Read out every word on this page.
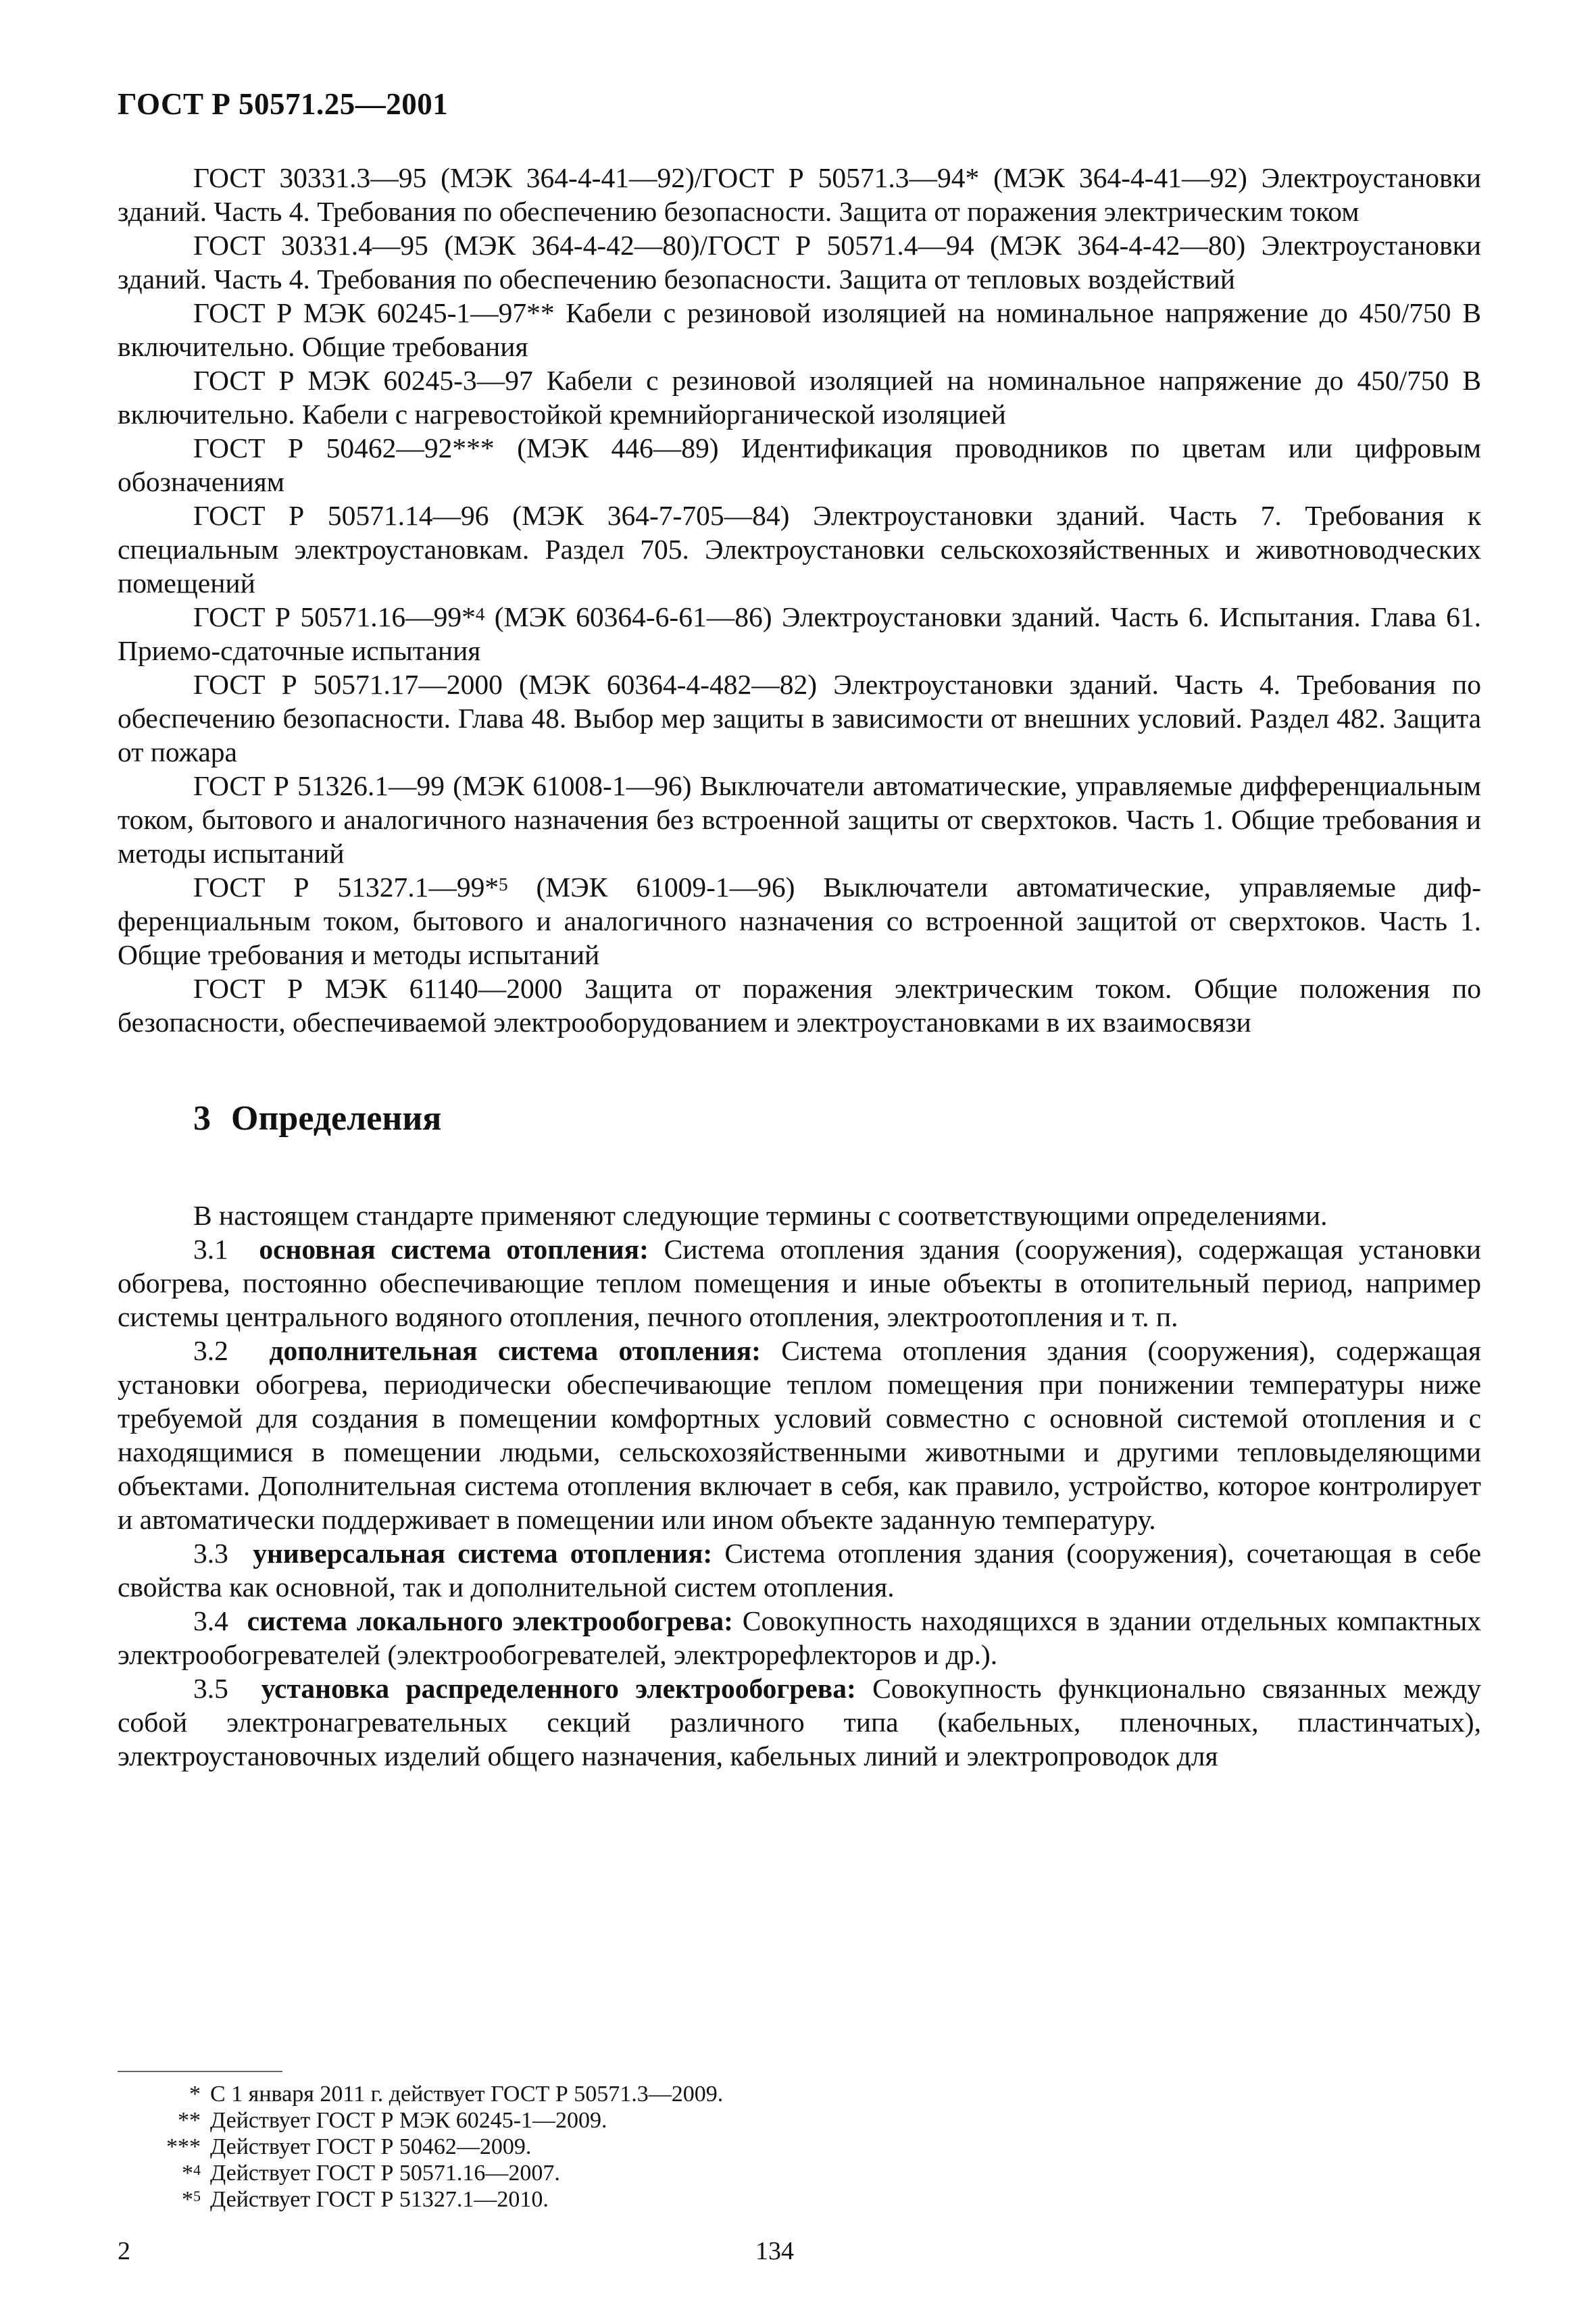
ГОСТ Р 50571.25—2001

ГОСТ 30331.3—95 (МЭК 364-4-41—92)/ГОСТ Р 50571.3—94* (МЭК 364-4-41—92) Электроустановки зданий. Часть 4. Требования по обеспечению безопасности. Защита от поражения электрическим током

ГОСТ 30331.4—95 (МЭК 364-4-42—80)/ГОСТ Р 50571.4—94 (МЭК 364-4-42—80) Электроустановки зданий. Часть 4. Требования по обеспечению безопасности. Защита от тепловых воздействий

ГОСТ Р МЭК 60245-1—97** Кабели с резиновой изоляцией на номинальное напряжение до 450/750 В включительно. Общие требования

ГОСТ Р МЭК 60245-3—97 Кабели с резиновой изоляцией на номинальное напряжение до 450/750 В включительно. Кабели с нагревостойкой кремнийорганической изоляцией

ГОСТ Р 50462—92*** (МЭК 446—89) Идентификация проводников по цветам или цифровым обозначениям

ГОСТ Р 50571.14—96 (МЭК 364-7-705—84) Электроустановки зданий. Часть 7. Требования к специальным электроустановкам. Раздел 705. Электроустановки сельскохозяйственных и животноводческих помещений

ГОСТ Р 50571.16—99*$^4$ (МЭК 60364-6-61—86) Электроустановки зданий. Часть 6. Испытания. Глава 61. Приемо-сдаточные испытания

ГОСТ Р 50571.17—2000 (МЭК 60364-4-482—82) Электроустановки зданий. Часть 4. Требования по обеспечению безопасности. Глава 48. Выбор мер защиты в зависимости от внешних условий. Раздел 482. Защита от пожара

ГОСТ Р 51326.1—99 (МЭК 61008-1—96) Выключатели автоматические, управляемые дифференциальным током, бытового и аналогичного назначения без встроенной защиты от сверхтоков. Часть 1. Общие требования и методы испытаний

ГОСТ Р 51327.1—99*$^5$ (МЭК 61009-1—96) Выключатели автоматические, управляемые дифференциальным током, бытового и аналогичного назначения со встроенной защитой от сверхтоков. Часть 1. Общие требования и методы испытаний

ГОСТ Р МЭК 61140—2000 Защита от поражения электрическим током. Общие положения по безопасности, обеспечиваемой электрооборудованием и электроустановками в их взаимосвязи

3 Определения

В настоящем стандарте применяют следующие термины с соответствующими определениями.

3.1 основная система отопления: Система отопления здания (сооружения), содержащая установки обогрева, постоянно обеспечивающие теплом помещения и иные объекты в отопительный период, например системы центрального водяного отопления, печного отопления, электроотопления и т. п.

3.2 дополнительная система отопления: Система отопления здания (сооружения), содержащая установки обогрева, периодически обеспечивающие теплом помещения при понижении температуры ниже требуемой для создания в помещении комфортных условий совместно с основной системой отопления и с находящимися в помещении людьми, сельскохозяйственными животными и другими тепловыделяющими объектами. Дополнительная система отопления включает в себя, как правило, устройство, которое контролирует и автоматически поддерживает в помещении или ином объекте заданную температуру.

3.3 универсальная система отопления: Система отопления здания (сооружения), сочетающая в себе свойства как основной, так и дополнительной систем отопления.

3.4 система локального электрообогрева: Совокупность находящихся в здании отдельных компактных электрообогревателей (электрообогревателей, электрорефлекторов и др.).

3.5 установка распределенного электрообогрева: Совокупность функционально связанных между собой электронагревательных секций различного типа (кабельных, пленочных, пластинчатых), электроустановочных изделий общего назначения, кабельных линий и электропроводок для

* С 1 января 2011 г. действует ГОСТ Р 50571.3—2009.
** Действует ГОСТ Р МЭК 60245-1—2009.
*** Действует ГОСТ Р 50462—2009.
*$^4$ Действует ГОСТ Р 50571.16—2007.
*$^5$ Действует ГОСТ Р 51327.1—2010.
2	134
